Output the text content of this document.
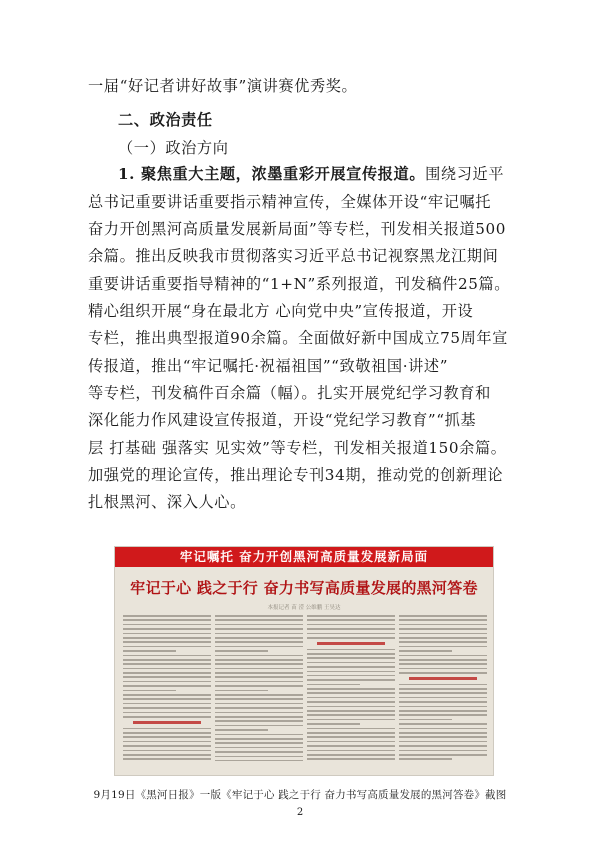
一届“好记者讲好故事”演讲赛优秀奖。
二、政治责任
（一）政治方向
1. 聚焦重大主题，浓墨重彩开展宣传报道。围绕习近平
总书记重要讲话重要指示精神宣传，全媒体开设“牢记嘱托
奋力开创黑河高质量发展新局面”等专栏，刊发相关报道500
余篇。推出反映我市贯彻落实习近平总书记视察黑龙江期间
重要讲话重要指导精神的“1+N”系列报道，刊发稿件25篇。
精心组织开展“身在最北方 心向党中央”宣传报道，开设
专栏，推出典型报道90余篇。全面做好新中国成立75周年宣
传报道，推出“牢记嘱托·祝福祖国”“致敬祖国·讲述”
等专栏，刊发稿件百余篇（幅）。扎实开展党纪学习教育和
深化能力作风建设宣传报道，开设“党纪学习教育”“抓基
层 打基础 强落实 见实效”等专栏，刊发相关报道150余篇。
加强党的理论宣传，推出理论专刊34期，推动党的创新理论
扎根黑河、深入人心。
牢记嘱托 奋力开创黑河高质量发展新局面
牢记于心 践之于行 奋力书写高质量发展的黑河答卷
本报记者 苗 滢 公维鹏 王昊达
9月19日《黑河日报》一版《牢记于心 践之于行 奋力书写高质量发展的黑河答卷》截图
2
